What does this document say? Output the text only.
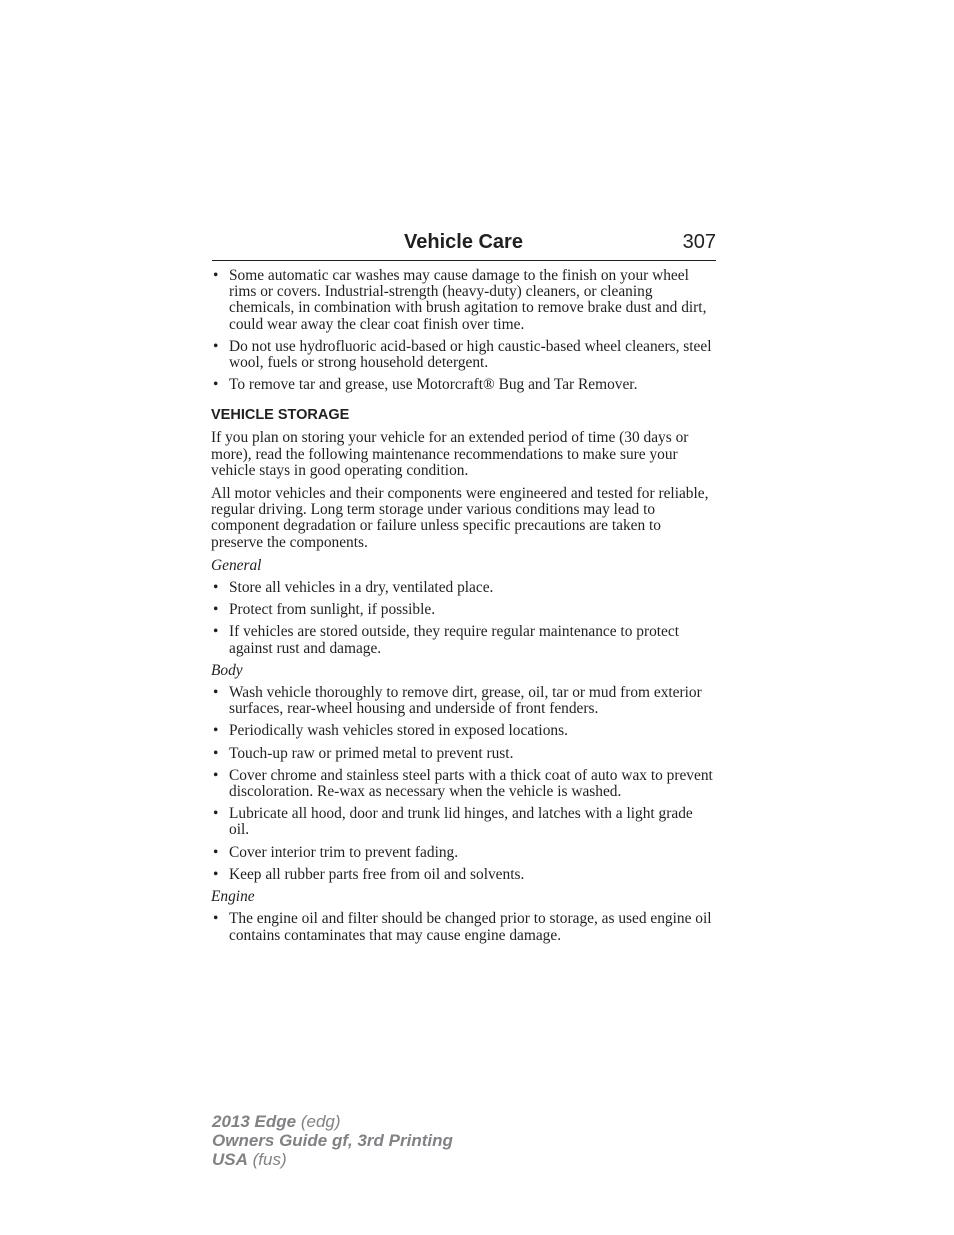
Vehicle Care	307
• Some automatic car washes may cause damage to the finish on your wheel rims or covers. Industrial-strength (heavy-duty) cleaners, or cleaning chemicals, in combination with brush agitation to remove brake dust and dirt, could wear away the clear coat finish over time.
• Do not use hydrofluoric acid-based or high caustic-based wheel cleaners, steel wool, fuels or strong household detergent.
• To remove tar and grease, use Motorcraft® Bug and Tar Remover.
VEHICLE STORAGE

If you plan on storing your vehicle for an extended period of time (30 days or more), read the following maintenance recommendations to make sure your vehicle stays in good operating condition.

All motor vehicles and their components were engineered and tested for reliable, regular driving. Long term storage under various conditions may lead to component degradation or failure unless specific precautions are taken to preserve the components.

General
• Store all vehicles in a dry, ventilated place.
• Protect from sunlight, if possible.
• If vehicles are stored outside, they require regular maintenance to protect against rust and damage.
Body
• Wash vehicle thoroughly to remove dirt, grease, oil, tar or mud from exterior surfaces, rear-wheel housing and underside of front fenders.
• Periodically wash vehicles stored in exposed locations.
• Touch-up raw or primed metal to prevent rust.
• Cover chrome and stainless steel parts with a thick coat of auto wax to prevent discoloration. Re-wax as necessary when the vehicle is washed.
• Lubricate all hood, door and trunk lid hinges, and latches with a light grade oil.
• Cover interior trim to prevent fading.
• Keep all rubber parts free from oil and solvents.
Engine
• The engine oil and filter should be changed prior to storage, as used engine oil contains contaminates that may cause engine damage.
2013 Edge (edg)
Owners Guide gf, 3rd Printing
USA (fus)
